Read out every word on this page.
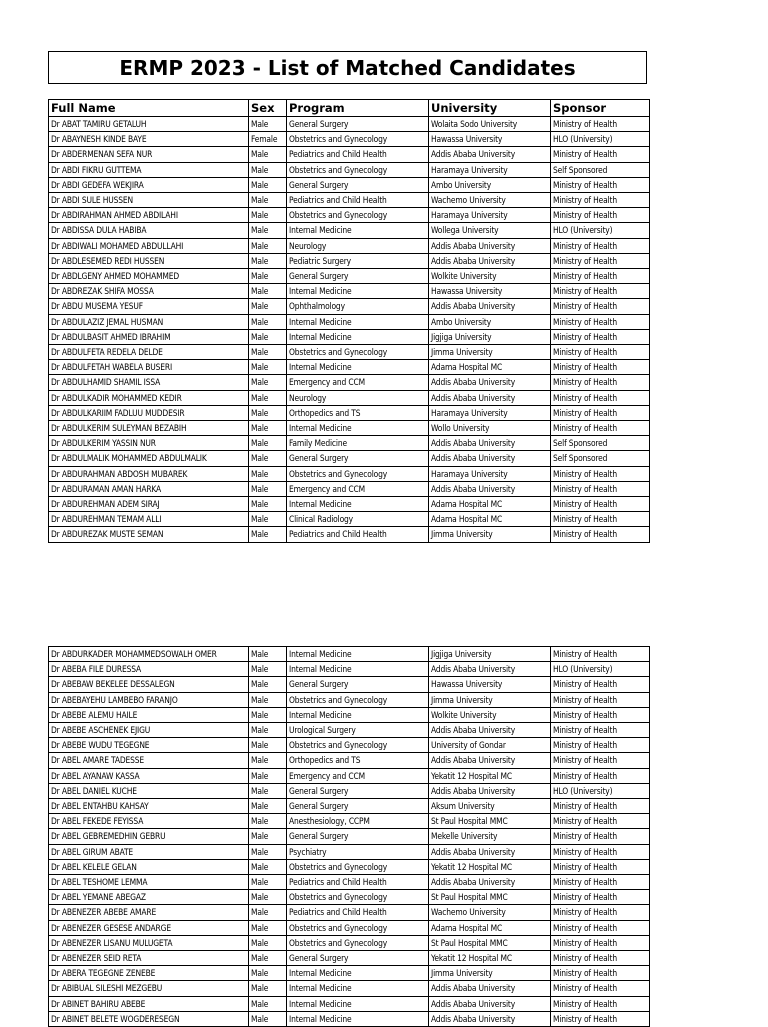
ERMP 2023 - List of Matched Candidates
Full Name	Sex	Program	University	Sponsor
Dr ABAT TAMIRU GETALUH	Male	General Surgery	Wolaita Sodo University	Ministry of Health
Dr ABAYNESH KINDE BAYE	Female	Obstetrics and Gynecology	Hawassa University	HLO (University)
Dr ABDERMENAN SEFA NUR	Male	Pediatrics and Child Health	Addis Ababa University	Ministry of Health
Dr ABDI FIKRU GUTTEMA	Male	Obstetrics and Gynecology	Haramaya University	Self Sponsored
Dr ABDI GEDEFA WEKJIRA	Male	General Surgery	Ambo University	Ministry of Health
Dr ABDI SULE HUSSEN	Male	Pediatrics and Child Health	Wachemo University	Ministry of Health
Dr ABDIRAHMAN AHMED ABDILAHI	Male	Obstetrics and Gynecology	Haramaya University	Ministry of Health
Dr ABDISSA DULA HABIBA	Male	Internal Medicine	Wollega University	HLO (University)
Dr ABDIWALI MOHAMED ABDULLAHI	Male	Neurology	Addis Ababa University	Ministry of Health
Dr ABDLESEMED REDI HUSSEN	Male	Pediatric Surgery	Addis Ababa University	Ministry of Health
Dr ABDLGENY AHMED MOHAMMED	Male	General Surgery	Wolkite University	Ministry of Health
Dr ABDREZAK SHIFA MOSSA	Male	Internal Medicine	Hawassa University	Ministry of Health
Dr ABDU MUSEMA YESUF	Male	Ophthalmology	Addis Ababa University	Ministry of Health
Dr ABDULAZIZ JEMAL HUSMAN	Male	Internal Medicine	Ambo University	Ministry of Health
Dr ABDULBASIT AHMED IBRAHIM	Male	Internal Medicine	Jigjiga University	Ministry of Health
Dr ABDULFETA REDELA DELDE	Male	Obstetrics and Gynecology	Jimma University	Ministry of Health
Dr ABDULFETAH WABELA BUSERI	Male	Internal Medicine	Adama Hospital MC	Ministry of Health
Dr ABDULHAMID SHAMIL ISSA	Male	Emergency and CCM	Addis Ababa University	Ministry of Health
Dr ABDULKADIR MOHAMMED KEDIR	Male	Neurology	Addis Ababa University	Ministry of Health
Dr ABDULKARIIM FADLUU MUDDESIR	Male	Orthopedics and TS	Haramaya University	Ministry of Health
Dr ABDULKERIM SULEYMAN BEZABIH	Male	Internal Medicine	Wollo University	Ministry of Health
Dr ABDULKERIM YASSIN NUR	Male	Family Medicine	Addis Ababa University	Self Sponsored
Dr ABDULMALIK MOHAMMED ABDULMALIK	Male	General Surgery	Addis Ababa University	Self Sponsored
Dr ABDURAHMAN ABDOSH MUBAREK	Male	Obstetrics and Gynecology	Haramaya University	Ministry of Health
Dr ABDURAMAN AMAN HARKA	Male	Emergency and CCM	Addis Ababa University	Ministry of Health
Dr ABDUREHMAN ADEM SIRAJ	Male	Internal Medicine	Adama Hospital MC	Ministry of Health
Dr ABDUREHMAN TEMAM ALLI	Male	Clinical Radiology	Adama Hospital MC	Ministry of Health
Dr ABDUREZAK MUSTE SEMAN	Male	Pediatrics and Child Health	Jimma University	Ministry of Health
Dr ABDURKADER MOHAMMEDSOWALH OMER	Male	Internal Medicine	Jigjiga University	Ministry of Health
Dr ABEBA FILE DURESSA	Male	Internal Medicine	Addis Ababa University	HLO (University)
Dr ABEBAW BEKELEE DESSALEGN	Male	General Surgery	Hawassa University	Ministry of Health
Dr ABEBAYEHU LAMBEBO FARANJO	Male	Obstetrics and Gynecology	Jimma University	Ministry of Health
Dr ABEBE ALEMU HAILE	Male	Internal Medicine	Wolkite University	Ministry of Health
Dr ABEBE ASCHENEK EJIGU	Male	Urological Surgery	Addis Ababa University	Ministry of Health
Dr ABEBE WUDU TEGEGNE	Male	Obstetrics and Gynecology	University of Gondar	Ministry of Health
Dr ABEL AMARE TADESSE	Male	Orthopedics and TS	Addis Ababa University	Ministry of Health
Dr ABEL AYANAW KASSA	Male	Emergency and CCM	Yekatit 12 Hospital MC	Ministry of Health
Dr ABEL DANIEL KUCHE	Male	General Surgery	Addis Ababa University	HLO (University)
Dr ABEL ENTAHBU KAHSAY	Male	General Surgery	Aksum University	Ministry of Health
Dr ABEL FEKEDE FEYISSA	Male	Anesthesiology, CCPM	St Paul Hospital MMC	Ministry of Health
Dr ABEL GEBREMEDHIN GEBRU	Male	General Surgery	Mekelle University	Ministry of Health
Dr ABEL GIRUM ABATE	Male	Psychiatry	Addis Ababa University	Ministry of Health
Dr ABEL KELELE GELAN	Male	Obstetrics and Gynecology	Yekatit 12 Hospital MC	Ministry of Health
Dr ABEL TESHOME LEMMA	Male	Pediatrics and Child Health	Addis Ababa University	Ministry of Health
Dr ABEL YEMANE ABEGAZ	Male	Obstetrics and Gynecology	St Paul Hospital MMC	Ministry of Health
Dr ABENEZER ABEBE AMARE	Male	Pediatrics and Child Health	Wachemo University	Ministry of Health
Dr ABENEZER GESESE ANDARGE	Male	Obstetrics and Gynecology	Adama Hospital MC	Ministry of Health
Dr ABENEZER LISANU MULUGETA	Male	Obstetrics and Gynecology	St Paul Hospital MMC	Ministry of Health
Dr ABENEZER SEID RETA	Male	General Surgery	Yekatit 12 Hospital MC	Ministry of Health
Dr ABERA TEGEGNE ZENEBE	Male	Internal Medicine	Jimma University	Ministry of Health
Dr ABIBUAL SILESHI MEZGEBU	Male	Internal Medicine	Addis Ababa University	Ministry of Health
Dr ABINET BAHIRU ABEBE	Male	Internal Medicine	Addis Ababa University	Ministry of Health
Dr ABINET BELETE WOGDERESEGN	Male	Internal Medicine	Addis Ababa University	Ministry of Health
